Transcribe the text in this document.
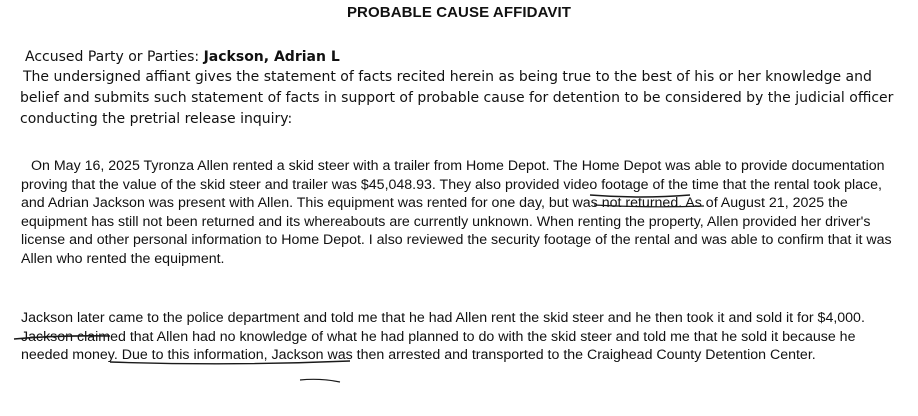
PROBABLE CAUSE AFFIDAVIT
Accused Party or Parties: Jackson, Adrian L
The undersigned affiant gives the statement of facts recited herein as being true to the best of his or her knowledge and belief and submits such statement of facts in support of probable cause for detention to be considered by the judicial officer conducting the pretrial release inquiry:
On May 16, 2025 Tyronza Allen rented a skid steer with a trailer from Home Depot. The Home Depot was able to provide documentation proving that the value of the skid steer and trailer was $45,048.93. They also provided video footage of the time that the rental took place, and Adrian Jackson was present with Allen. This equipment was rented for one day, but was not returned. As of August 21, 2025 the equipment has still not been returned and its whereabouts are currently unknown. When renting the property, Allen provided her driver's license and other personal information to Home Depot. I also reviewed the security footage of the rental and was able to confirm that it was Allen who rented the equipment.
Jackson later came to the police department and told me that he had Allen rent the skid steer and he then took it and sold it for $4,000. Jackson claimed that Allen had no knowledge of what he had planned to do with the skid steer and told me that he sold it because he needed money. Due to this information, Jackson was then arrested and transported to the Craighead County Detention Center.
